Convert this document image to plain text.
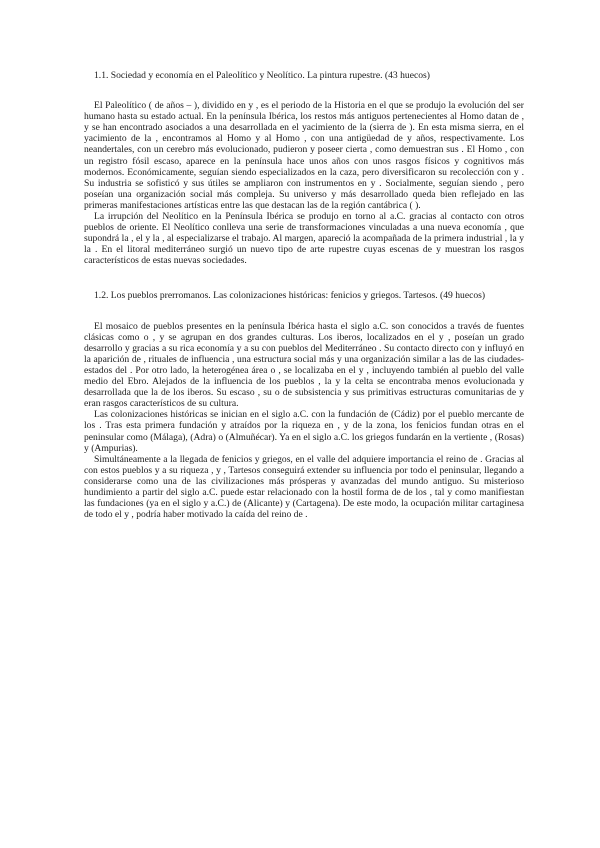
1.1. Sociedad y economía en el Paleolítico y Neolítico. La pintura rupestre. (43 huecos)

El Paleolítico ( de años – ), dividido en y , es el periodo de la Historia en el que se produjo la evolución del ser humano hasta su estado actual. En la península Ibérica, los restos más antiguos pertenecientes al Homo datan de , y se han encontrado asociados a una desarrollada en el yacimiento de la (sierra de ). En esta misma sierra, en el yacimiento de la , encontramos al Homo y al Homo , con una antigüedad de y años, respectivamente. Los neandertales, con un cerebro más evolucionado, pudieron y poseer cierta , como demuestran sus . El Homo , con un registro fósil escaso, aparece en la península hace unos años con unos rasgos físicos y cognitivos más modernos. Económicamente, seguían siendo especializados en la caza, pero diversificaron su recolección con y . Su industria se sofisticó y sus útiles se ampliaron con instrumentos en y . Socialmente, seguían siendo , pero poseían una organización social más compleja. Su universo y más desarrollado queda bien reflejado en las primeras manifestaciones artísticas entre las que destacan las de la región cantábrica ( ).

La irrupción del Neolítico en la Península Ibérica se produjo en torno al a.C. gracias al contacto con otros pueblos de oriente. El Neolítico conlleva una serie de transformaciones vinculadas a una nueva economía , que supondrá la , el y la , al especializarse el trabajo. Al margen, apareció la acompañada de la primera industrial , la y la . En el litoral mediterráneo surgió un nuevo tipo de arte rupestre cuyas escenas de y muestran los rasgos característicos de estas nuevas sociedades.

1.2. Los pueblos prerromanos. Las colonizaciones históricas: fenicios y griegos. Tartesos. (49 huecos)

El mosaico de pueblos presentes en la península Ibérica hasta el siglo a.C. son conocidos a través de fuentes clásicas como o , y se agrupan en dos grandes culturas. Los iberos, localizados en el y , poseían un grado desarrollo y gracias a su rica economía y a su con pueblos del Mediterráneo . Su contacto directo con y influyó en la aparición de , rituales de influencia , una estructura social más y una organización similar a las de las ciudades-estados del . Por otro lado, la heterogénea área o , se localizaba en el y , incluyendo también al pueblo del valle medio del Ebro. Alejados de la influencia de los pueblos , la y la celta se encontraba menos evolucionada y desarrollada que la de los iberos. Su escaso , su o de subsistencia y sus primitivas estructuras comunitarias de y eran rasgos característicos de su cultura.

Las colonizaciones históricas se inician en el siglo a.C. con la fundación de (Cádiz) por el pueblo mercante de los . Tras esta primera fundación y atraídos por la riqueza en , y de la zona, los fenicios fundan otras en el peninsular como (Málaga), (Adra) o (Almuñécar). Ya en el siglo a.C. los griegos fundarán en la vertiente , (Rosas) y (Ampurias).

Simultáneamente a la llegada de fenicios y griegos, en el valle del adquiere importancia el reino de . Gracias al con estos pueblos y a su riqueza , y , Tartesos conseguirá extender su influencia por todo el peninsular, llegando a considerarse como una de las civilizaciones más prósperas y avanzadas del mundo antiguo. Su misterioso hundimiento a partir del siglo a.C. puede estar relacionado con la hostil forma de de los , tal y como manifiestan las fundaciones (ya en el siglo y a.C.) de (Alicante) y (Cartagena). De este modo, la ocupación militar cartaginesa de todo el y , podría haber motivado la caída del reino de .
